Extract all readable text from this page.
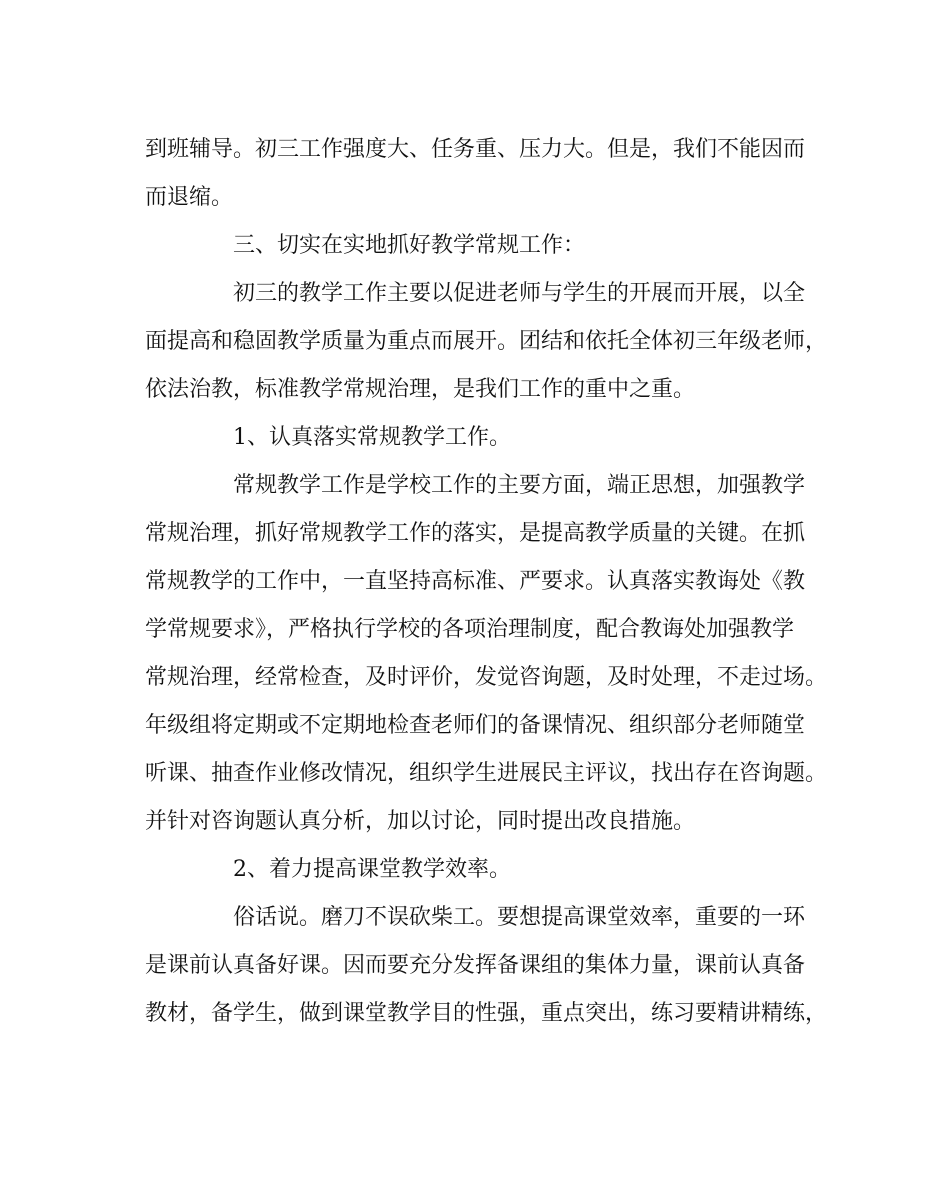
到班辅导。初三工作强度大、任务重、压力大。但是，我们不能因而
而退缩。
三、切实在实地抓好教学常规工作：
初三的教学工作主要以促进老师与学生的开展而开展，以全
面提高和稳固教学质量为重点而展开。团结和依托全体初三年级老师，
依法治教，标准教学常规治理，是我们工作的重中之重。
1、认真落实常规教学工作。
常规教学工作是学校工作的主要方面，端正思想，加强教学
常规治理，抓好常规教学工作的落实，是提高教学质量的关键。在抓
常规教学的工作中，一直坚持高标准、严要求。认真落实教诲处《教
学常规要求》，严格执行学校的各项治理制度，配合教诲处加强教学
常规治理，经常检查，及时评价，发觉咨询题，及时处理，不走过场。
年级组将定期或不定期地检查老师们的备课情况、组织部分老师随堂
听课、抽查作业修改情况，组织学生进展民主评议，找出存在咨询题。
并针对咨询题认真分析，加以讨论，同时提出改良措施。
2、着力提高课堂教学效率。
俗话说。磨刀不误砍柴工。要想提高课堂效率，重要的一环
是课前认真备好课。因而要充分发挥备课组的集体力量，课前认真备
教材，备学生，做到课堂教学目的性强，重点突出，练习要精讲精练，
